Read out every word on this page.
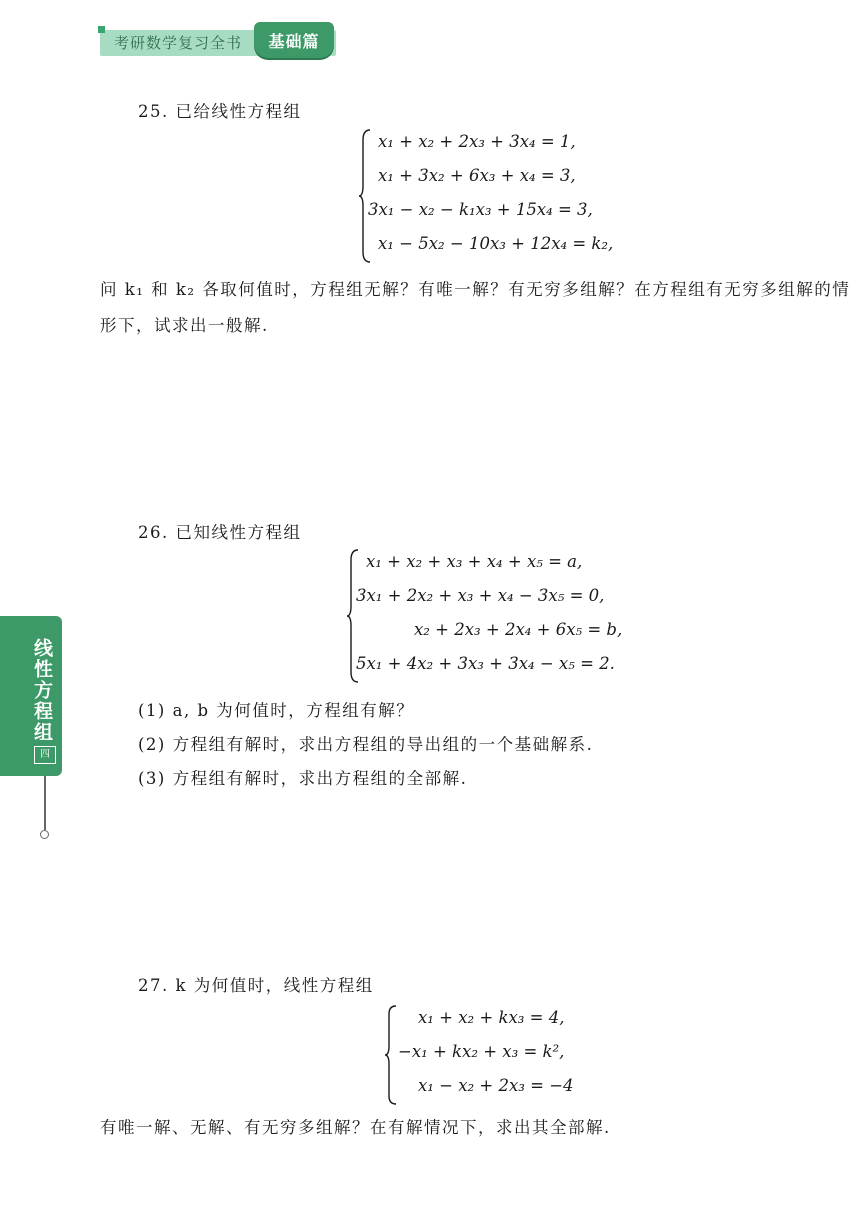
考研数学复习全书	基础篇
线性方程组
四
25. 已给线性方程组
x₁ + x₂ + 2x₃ + 3x₄ = 1,
x₁ + 3x₂ + 6x₃ + x₄ = 3,
3x₁ − x₂ − k₁x₃ + 15x₄ = 3,
x₁ − 5x₂ − 10x₃ + 12x₄ = k₂,
问 k₁ 和 k₂ 各取何值时，方程组无解？有唯一解？有无穷多组解？在方程组有无穷多组解的情
形下，试求出一般解.
26. 已知线性方程组
x₁ + x₂ + x₃ + x₄ + x₅ = a,
3x₁ + 2x₂ + x₃ + x₄ − 3x₅ = 0,
x₂ + 2x₃ + 2x₄ + 6x₅ = b,
5x₁ + 4x₂ + 3x₃ + 3x₄ − x₅ = 2.
(1) a, b 为何值时，方程组有解？
(2) 方程组有解时，求出方程组的导出组的一个基础解系.
(3) 方程组有解时，求出方程组的全部解.
27. k 为何值时，线性方程组
x₁ + x₂ + kx₃ = 4,
−x₁ + kx₂ + x₃ = k²,
x₁ − x₂ + 2x₃ = −4
有唯一解、无解、有无穷多组解？在有解情况下，求出其全部解.
